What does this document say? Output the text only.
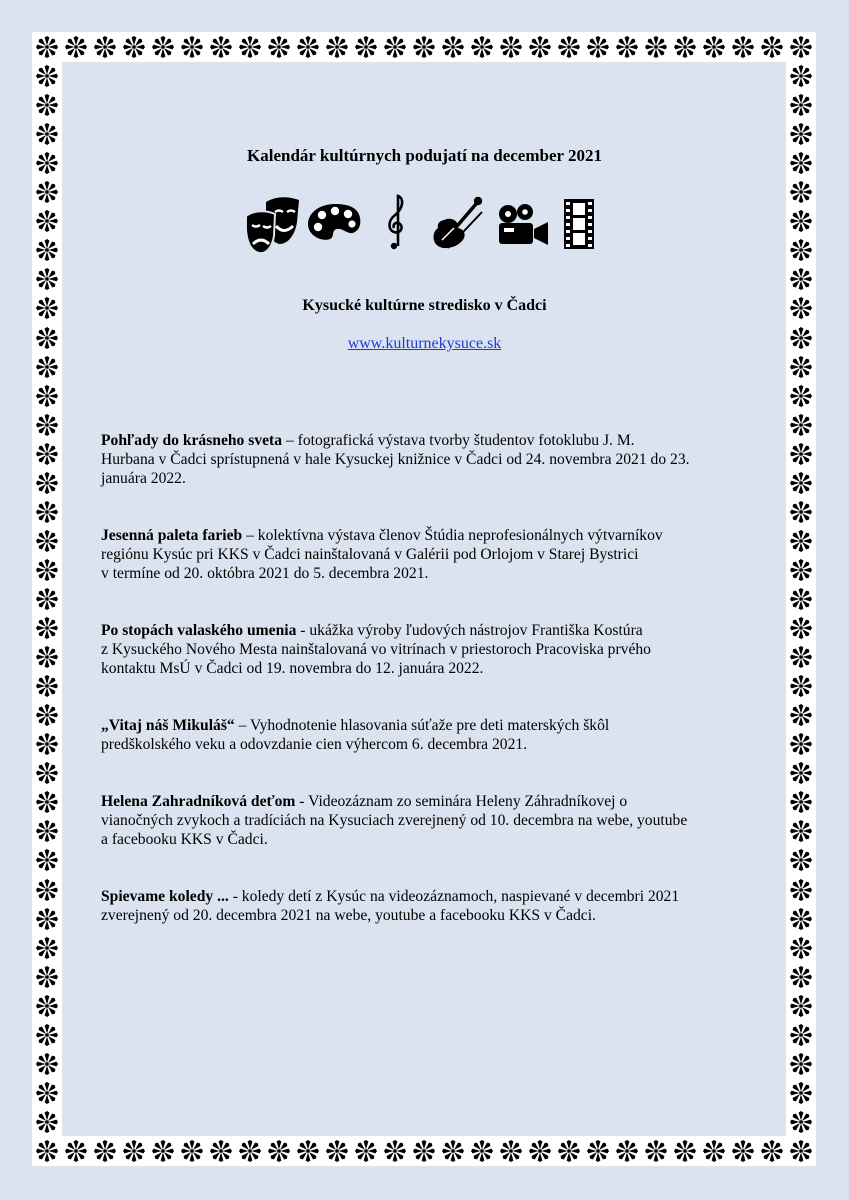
Kalendár kultúrnych podujatí na december 2021
Kysucké kultúrne stredisko v Čadci
www.kulturnekysuce.sk
Pohľady do krásneho sveta – fotografická výstava tvorby študentov fotoklubu J. M.
Hurbana v Čadci sprístupnená v hale Kysuckej knižnice v Čadci od 24. novembra 2021 do 23.
januára 2022.
Jesenná paleta farieb – kolektívna výstava členov Štúdia neprofesionálnych výtvarníkov
regiónu Kysúc pri KKS v Čadci nainštalovaná v Galérii pod Orlojom v Starej Bystrici
v termíne od 20. októbra 2021 do 5. decembra 2021.
Po stopách valaského umenia - ukážka výroby ľudových nástrojov Františka Kostúra
z Kysuckého Nového Mesta nainštalovaná vo vitrínach v priestoroch Pracoviska prvého
kontaktu MsÚ v Čadci od 19. novembra do 12. januára 2022.
„Vitaj náš Mikuláš“ – Vyhodnotenie hlasovania súťaže pre deti materských škôl
predškolského veku a odovzdanie cien výhercom 6. decembra 2021.
Helena Zahradníková deťom - Videozáznam zo seminára Heleny Záhradníkovej o
vianočných zvykoch a tradíciách na Kysuciach zverejnený od 10. decembra na webe, youtube
a facebooku KKS v Čadci.
Spievame koledy ... - koledy detí z Kysúc na videozáznamoch, naspievané v decembri 2021
zverejnený od 20. decembra 2021 na webe, youtube a facebooku KKS v Čadci.
